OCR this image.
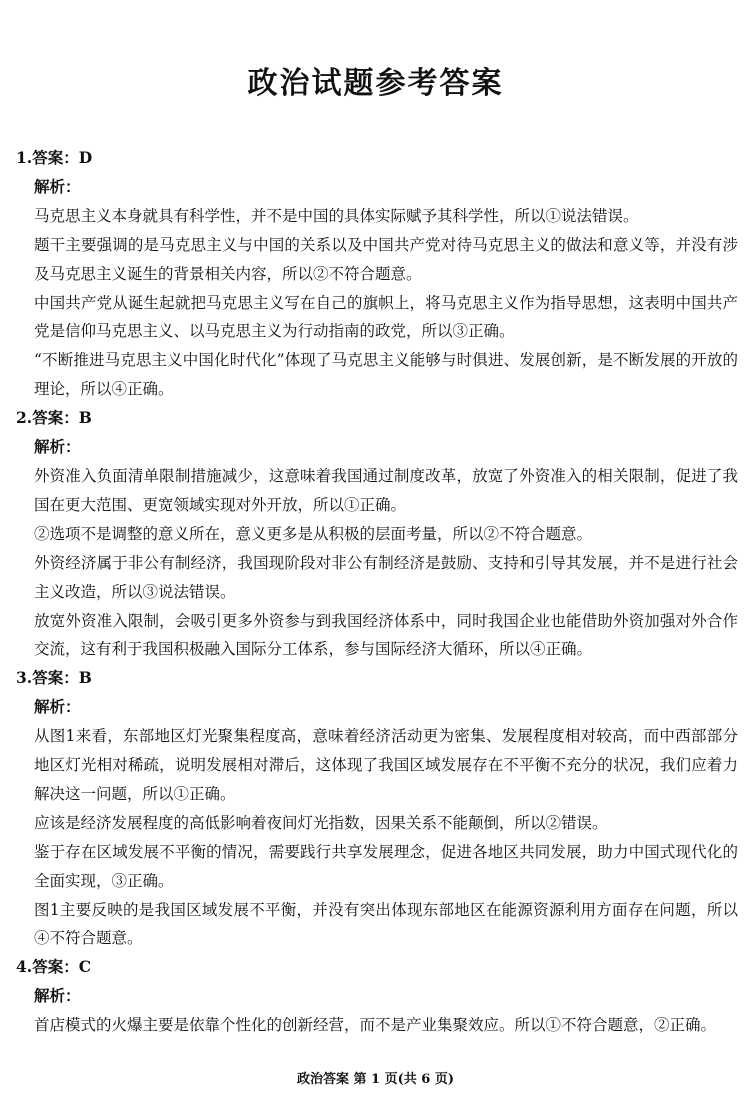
政治试题参考答案
1.答案：D
解析：
马克思主义本身就具有科学性，并不是中国的具体实际赋予其科学性，所以①说法错误。
题干主要强调的是马克思主义与中国的关系以及中国共产党对待马克思主义的做法和意义等，并没有涉及马克思主义诞生的背景相关内容，所以②不符合题意。
中国共产党从诞生起就把马克思主义写在自己的旗帜上，将马克思主义作为指导思想，这表明中国共产党是信仰马克思主义、以马克思主义为行动指南的政党，所以③正确。
“不断推进马克思主义中国化时代化”体现了马克思主义能够与时俱进、发展创新，是不断发展的开放的理论，所以④正确。
2.答案：B
解析：
外资准入负面清单限制措施减少，这意味着我国通过制度改革，放宽了外资准入的相关限制，促进了我国在更大范围、更宽领域实现对外开放，所以①正确。
②选项不是调整的意义所在，意义更多是从积极的层面考量，所以②不符合题意。
外资经济属于非公有制经济，我国现阶段对非公有制经济是鼓励、支持和引导其发展，并不是进行社会主义改造，所以③说法错误。
放宽外资准入限制，会吸引更多外资参与到我国经济体系中，同时我国企业也能借助外资加强对外合作交流，这有利于我国积极融入国际分工体系，参与国际经济大循环，所以④正确。
3.答案：B
解析：
从图1来看，东部地区灯光聚集程度高，意味着经济活动更为密集、发展程度相对较高，而中西部部分地区灯光相对稀疏，说明发展相对滞后，这体现了我国区域发展存在不平衡不充分的状况，我们应着力解决这一问题，所以①正确。
应该是经济发展程度的高低影响着夜间灯光指数，因果关系不能颠倒，所以②错误。
鉴于存在区域发展不平衡的情况，需要践行共享发展理念，促进各地区共同发展，助力中国式现代化的全面实现，③正确。
图1主要反映的是我国区域发展不平衡，并没有突出体现东部地区在能源资源利用方面存在问题，所以④不符合题意。
4.答案：C
解析：
首店模式的火爆主要是依靠个性化的创新经营，而不是产业集聚效应。所以①不符合题意，②正确。
政治答案 第 1 页(共 6 页)
